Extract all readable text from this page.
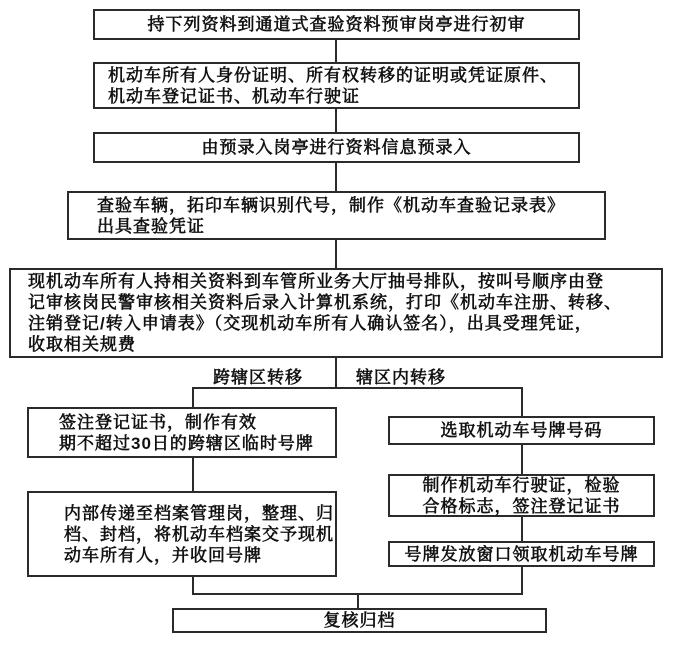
持下列资料到通道式查验资料预审岗亭进行初审
机动车所有人身份证明、所有权转移的证明或凭证原件、
机动车登记证书、机动车行驶证
由预录入岗亭进行资料信息预录入
查验车辆，拓印车辆识别代号，制作《机动车查验记录表》
出具查验凭证
现机动车所有人持相关资料到车管所业务大厅抽号排队，按叫号顺序由登
记审核岗民警审核相关资料后录入计算机系统，打印《机动车注册、转移、
注销登记/转入申请表》（交现机动车所有人确认签名），出具受理凭证，
收取相关规费
跨辖区转移	辖区内转移
签注登记证书，制作有效
期不超过30日的跨辖区临时号牌
内部传递至档案管理岗，整理、归
档、封档，将机动车档案交予现机
动车所有人，并收回号牌
选取机动车号牌号码
制作机动车行驶证，检验
合格标志，签注登记证书
号牌发放窗口领取机动车号牌
复核归档
